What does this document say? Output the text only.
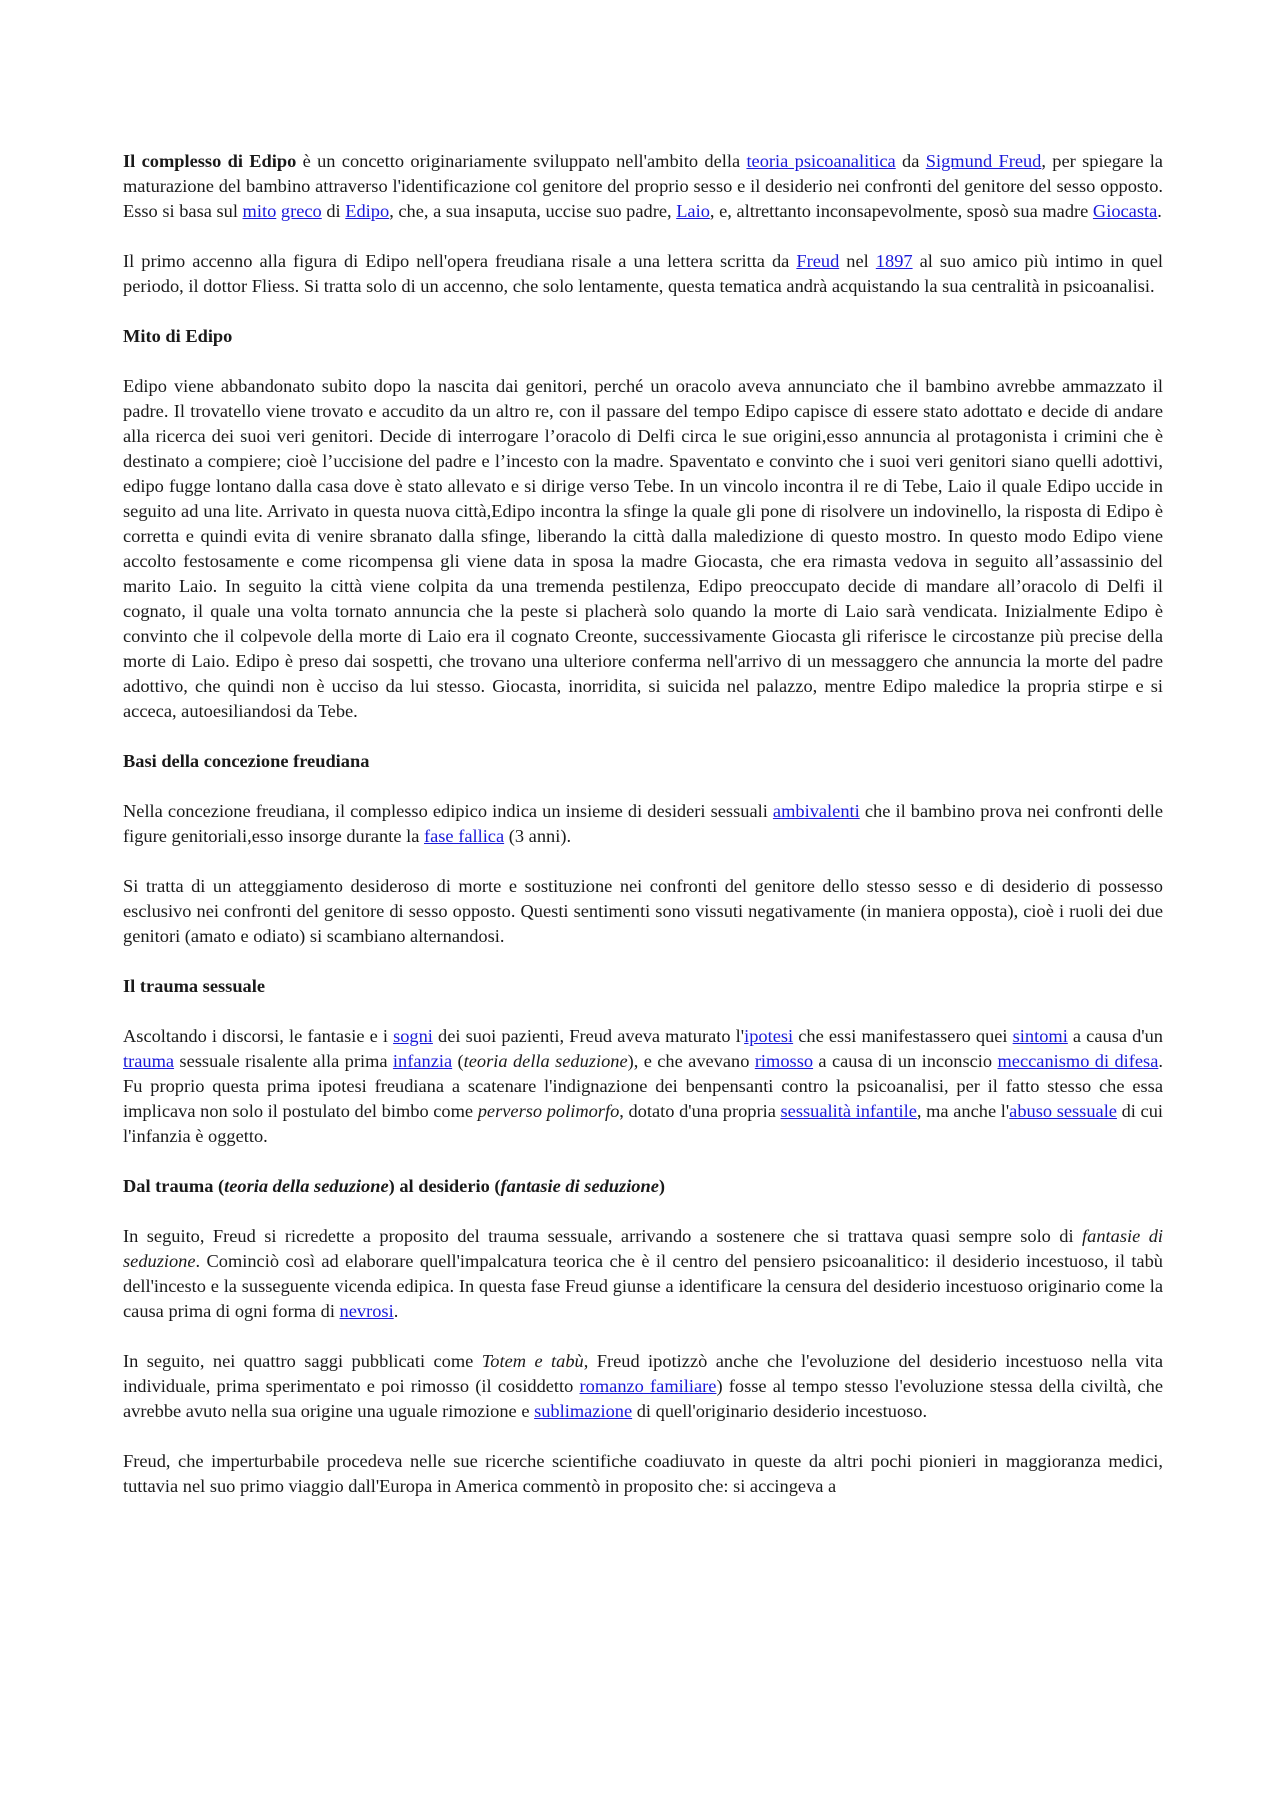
Il complesso di Edipo è un concetto originariamente sviluppato nell'ambito della teoria psicoanalitica da Sigmund Freud, per spiegare la maturazione del bambino attraverso l'identificazione col genitore del proprio sesso e il desiderio nei confronti del genitore del sesso opposto. Esso si basa sul mito greco di Edipo, che, a sua insaputa, uccise suo padre, Laio, e, altrettanto inconsapevolmente, sposò sua madre Giocasta.

Il primo accenno alla figura di Edipo nell'opera freudiana risale a una lettera scritta da Freud nel 1897 al suo amico più intimo in quel periodo, il dottor Fliess. Si tratta solo di un accenno, che solo lentamente, questa tematica andrà acquistando la sua centralità in psicoanalisi.

Mito di Edipo

Edipo viene abbandonato subito dopo la nascita dai genitori, perché un oracolo aveva annunciato che il bambino avrebbe ammazzato il padre. Il trovatello viene trovato e accudito da un altro re, con il passare del tempo Edipo capisce di essere stato adottato e decide di andare alla ricerca dei suoi veri genitori. Decide di interrogare l’oracolo di Delfi circa le sue origini,esso annuncia al protagonista i crimini che è destinato a compiere; cioè l’uccisione del padre e l’incesto con la madre. Spaventato e convinto che i suoi veri genitori siano quelli adottivi, edipo fugge lontano dalla casa dove è stato allevato e si dirige verso Tebe. In un vincolo incontra il re di Tebe, Laio il quale Edipo uccide in seguito ad una lite. Arrivato in questa nuova città,Edipo incontra la sfinge la quale gli pone di risolvere un indovinello, la risposta di Edipo è corretta e quindi evita di venire sbranato dalla sfinge, liberando la città dalla maledizione di questo mostro. In questo modo Edipo viene accolto festosamente e come ricompensa gli viene data in sposa la madre Giocasta, che era rimasta vedova in seguito all’assassinio del marito Laio. In seguito la città viene colpita da una tremenda pestilenza, Edipo preoccupato decide di mandare all’oracolo di Delfi il cognato, il quale una volta tornato annuncia che la peste si placherà solo quando la morte di Laio sarà vendicata. Inizialmente Edipo è convinto che il colpevole della morte di Laio era il cognato Creonte, successivamente Giocasta gli riferisce le circostanze più precise della morte di Laio. Edipo è preso dai sospetti, che trovano una ulteriore conferma nell'arrivo di un messaggero che annuncia la morte del padre adottivo, che quindi non è ucciso da lui stesso. Giocasta, inorridita, si suicida nel palazzo, mentre Edipo maledice la propria stirpe e si acceca, autoesiliandosi da Tebe.

Basi della concezione freudiana

Nella concezione freudiana, il complesso edipico indica un insieme di desideri sessuali ambivalenti che il bambino prova nei confronti delle figure genitoriali,esso insorge durante la fase fallica (3 anni).

Si tratta di un atteggiamento desideroso di morte e sostituzione nei confronti del genitore dello stesso sesso e di desiderio di possesso esclusivo nei confronti del genitore di sesso opposto. Questi sentimenti sono vissuti negativamente (in maniera opposta), cioè i ruoli dei due genitori (amato e odiato) si scambiano alternandosi.

Il trauma sessuale

Ascoltando i discorsi, le fantasie e i sogni dei suoi pazienti, Freud aveva maturato l'ipotesi che essi manifestassero quei sintomi a causa d'un trauma sessuale risalente alla prima infanzia (teoria della seduzione), e che avevano rimosso a causa di un inconscio meccanismo di difesa. Fu proprio questa prima ipotesi freudiana a scatenare l'indignazione dei benpensanti contro la psicoanalisi, per il fatto stesso che essa implicava non solo il postulato del bimbo come perverso polimorfo, dotato d'una propria sessualità infantile, ma anche l'abuso sessuale di cui l'infanzia è oggetto.

Dal trauma (teoria della seduzione) al desiderio (fantasie di seduzione)

In seguito, Freud si ricredette a proposito del trauma sessuale, arrivando a sostenere che si trattava quasi sempre solo di fantasie di seduzione. Cominciò così ad elaborare quell'impalcatura teorica che è il centro del pensiero psicoanalitico: il desiderio incestuoso, il tabù dell'incesto e la susseguente vicenda edipica. In questa fase Freud giunse a identificare la censura del desiderio incestuoso originario come la causa prima di ogni forma di nevrosi.

In seguito, nei quattro saggi pubblicati come Totem e tabù, Freud ipotizzò anche che l'evoluzione del desiderio incestuoso nella vita individuale, prima sperimentato e poi rimosso (il cosiddetto romanzo familiare) fosse al tempo stesso l'evoluzione stessa della civiltà, che avrebbe avuto nella sua origine una uguale rimozione e sublimazione di quell'originario desiderio incestuoso.

Freud, che imperturbabile procedeva nelle sue ricerche scientifiche coadiuvato in queste da altri pochi pionieri in maggioranza medici, tuttavia nel suo primo viaggio dall'Europa in America commentò in proposito che: si accingeva a
